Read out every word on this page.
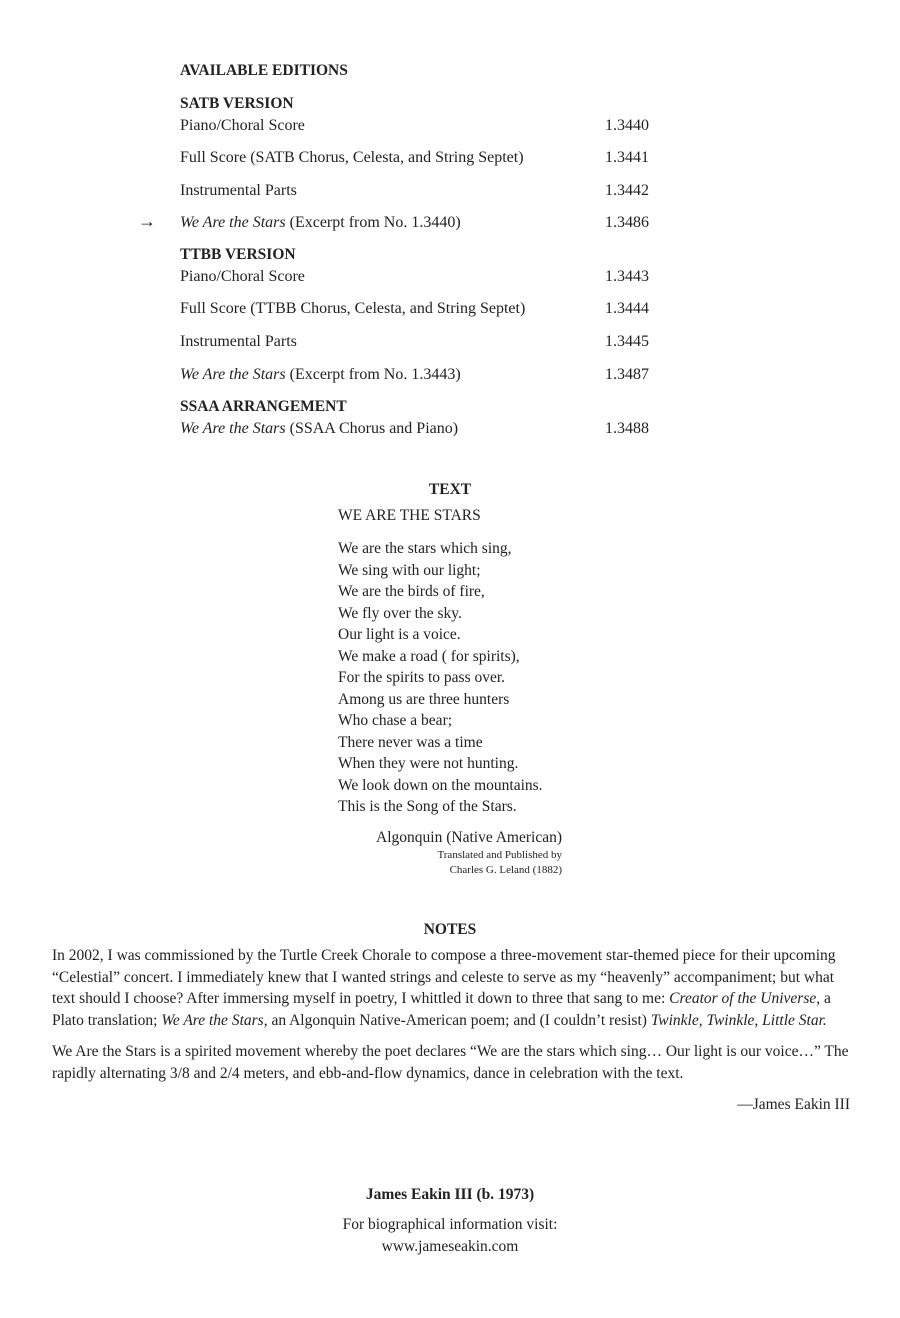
AVAILABLE EDITIONS
SATB VERSION
Piano/Choral Score	1.3440
Full Score (SATB Chorus, Celesta, and String Septet)	1.3441
Instrumental Parts	1.3442
→ We Are the Stars (Excerpt from No. 1.3440)	1.3486
TTBB VERSION
Piano/Choral Score	1.3443
Full Score (TTBB Chorus, Celesta, and String Septet)	1.3444
Instrumental Parts	1.3445
We Are the Stars (Excerpt from No. 1.3443)	1.3487
SSAA ARRANGEMENT
We Are the Stars (SSAA Chorus and Piano)	1.3488
TEXT
WE ARE THE STARS
We are the stars which sing,
We sing with our light;
We are the birds of fire,
We fly over the sky.
Our light is a voice.
We make a road ( for spirits),
For the spirits to pass over.
Among us are three hunters
Who chase a bear;
There never was a time
When they were not hunting.
We look down on the mountains.
This is the Song of the Stars.
Algonquin (Native American)
Translated and Published by
Charles G. Leland (1882)
NOTES

In 2002, I was commissioned by the Turtle Creek Chorale to compose a three-movement star-themed piece for their upcoming “Celestial” concert. I immediately knew that I wanted strings and celeste to serve as my “heavenly” accompaniment; but what text should I choose? After immersing myself in poetry, I whittled it down to three that sang to me: Creator of the Universe, a Plato translation; We Are the Stars, an Algonquin Native-American poem; and (I couldn’t resist) Twinkle, Twinkle, Little Star.

We Are the Stars is a spirited movement whereby the poet declares “We are the stars which sing… Our light is our voice…” The rapidly alternating 3/8 and 2/4 meters, and ebb-and-flow dynamics, dance in celebration with the text.

—James Eakin III

James Eakin III (b. 1973)
For biographical information visit:
www.jameseakin.com
